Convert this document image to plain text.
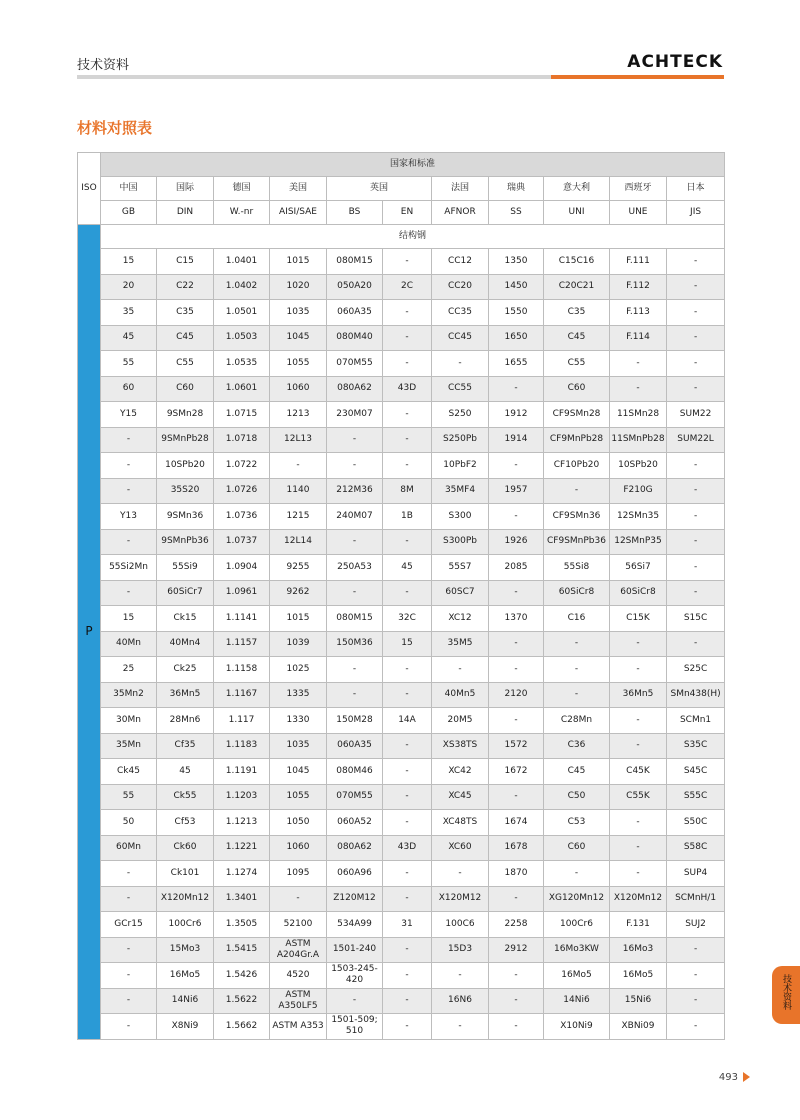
技术资料	ACHTECK
材料对照表
ISO	国家和标准										
	中国	国际	德国	美国	英国		法国	瑞典	意大利	西班牙	日本
	GB	DIN	W.-nr	AISI/SAE	BS	EN	AFNOR	SS	UNI	UNE	JIS
P	结构钢										
	15	C15	1.0401	1015	080M15	-	CC12	1350	C15C16	F.111	-
	20	C22	1.0402	1020	050A20	2C	CC20	1450	C20C21	F.112	-
	35	C35	1.0501	1035	060A35	-	CC35	1550	C35	F.113	-
	45	C45	1.0503	1045	080M40	-	CC45	1650	C45	F.114	-
	55	C55	1.0535	1055	070M55	-	-	1655	C55	-	-
	60	C60	1.0601	1060	080A62	43D	CC55	-	C60	-	-
	Y15	9SMn28	1.0715	1213	230M07	-	S250	1912	CF9SMn28	11SMn28	SUM22
	-	9SMnPb28	1.0718	12L13	-	-	S250Pb	1914	CF9MnPb28	11SMnPb28	SUM22L
	-	10SPb20	1.0722	-	-	-	10PbF2	-	CF10Pb20	10SPb20	-
	-	35S20	1.0726	1140	212M36	8M	35MF4	1957	-	F210G	-
	Y13	9SMn36	1.0736	1215	240M07	1B	S300	-	CF9SMn36	12SMn35	-
	-	9SMnPb36	1.0737	12L14	-	-	S300Pb	1926	CF9SMnPb36	12SMnP35	-
	55Si2Mn	55Si9	1.0904	9255	250A53	45	55S7	2085	55Si8	56Si7	-
	-	60SiCr7	1.0961	9262	-	-	60SC7	-	60SiCr8	60SiCr8	-
	15	Ck15	1.1141	1015	080M15	32C	XC12	1370	C16	C15K	S15C
	40Mn	40Mn4	1.1157	1039	150M36	15	35M5	-	-	-	-
	25	Ck25	1.1158	1025	-	-	-	-	-	-	S25C
	35Mn2	36Mn5	1.1167	1335	-	-	40Mn5	2120	-	36Mn5	SMn438(H)
	30Mn	28Mn6	1.117	1330	150M28	14A	20M5	-	C28Mn	-	SCMn1
	35Mn	Cf35	1.1183	1035	060A35	-	XS38TS	1572	C36	-	S35C
	Ck45	45	1.1191	1045	080M46	-	XC42	1672	C45	C45K	S45C
	55	Ck55	1.1203	1055	070M55	-	XC45	-	C50	C55K	S55C
	50	Cf53	1.1213	1050	060A52	-	XC48TS	1674	C53	-	S50C
	60Mn	Ck60	1.1221	1060	080A62	43D	XC60	1678	C60	-	S58C
	-	Ck101	1.1274	1095	060A96	-	-	1870	-	-	SUP4
	-	X120Mn12	1.3401	-	Z120M12	-	X120M12	-	XG120Mn12	X120Mn12	SCMnH/1
	GCr15	100Cr6	1.3505	52100	534A99	31	100C6	2258	100Cr6	F.131	SUJ2
	-	15Mo3	1.5415	ASTM A204Gr.A	1501-240	-	15D3	2912	16Mo3KW	16Mo3	-
	-	16Mo5	1.5426	4520	1503-245-420	-	-	-	16Mo5	16Mo5	-
	-	14Ni6	1.5622	ASTM A350LF5	-	-	16N6	-	14Ni6	15Ni6	-
	-	X8Ni9	1.5662	ASTM A353	1501-509; 510	-	-	-	X10Ni9	XBNi09	-
技术资料
493
